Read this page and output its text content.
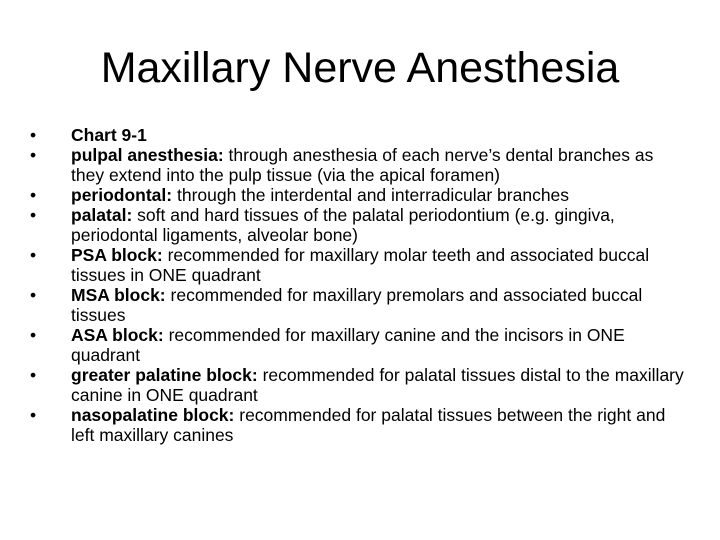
Maxillary Nerve Anesthesia
•	Chart 9-1
•	pulpal anesthesia: through anesthesia of each nerve’s dental branches as they extend into the pulp tissue (via the apical foramen)
•	periodontal: through the interdental and interradicular branches
•	palatal: soft and hard tissues of the palatal periodontium (e.g. gingiva, periodontal ligaments, alveolar bone)
•	PSA block: recommended for maxillary molar teeth and associated buccal tissues in ONE quadrant
•	MSA block: recommended for maxillary premolars and associated buccal tissues
•	ASA block: recommended for maxillary canine and the incisors in ONE quadrant
•	greater palatine block: recommended for palatal tissues distal to the maxillary canine in ONE quadrant
•	nasopalatine block: recommended for palatal tissues between the right and left maxillary canines
